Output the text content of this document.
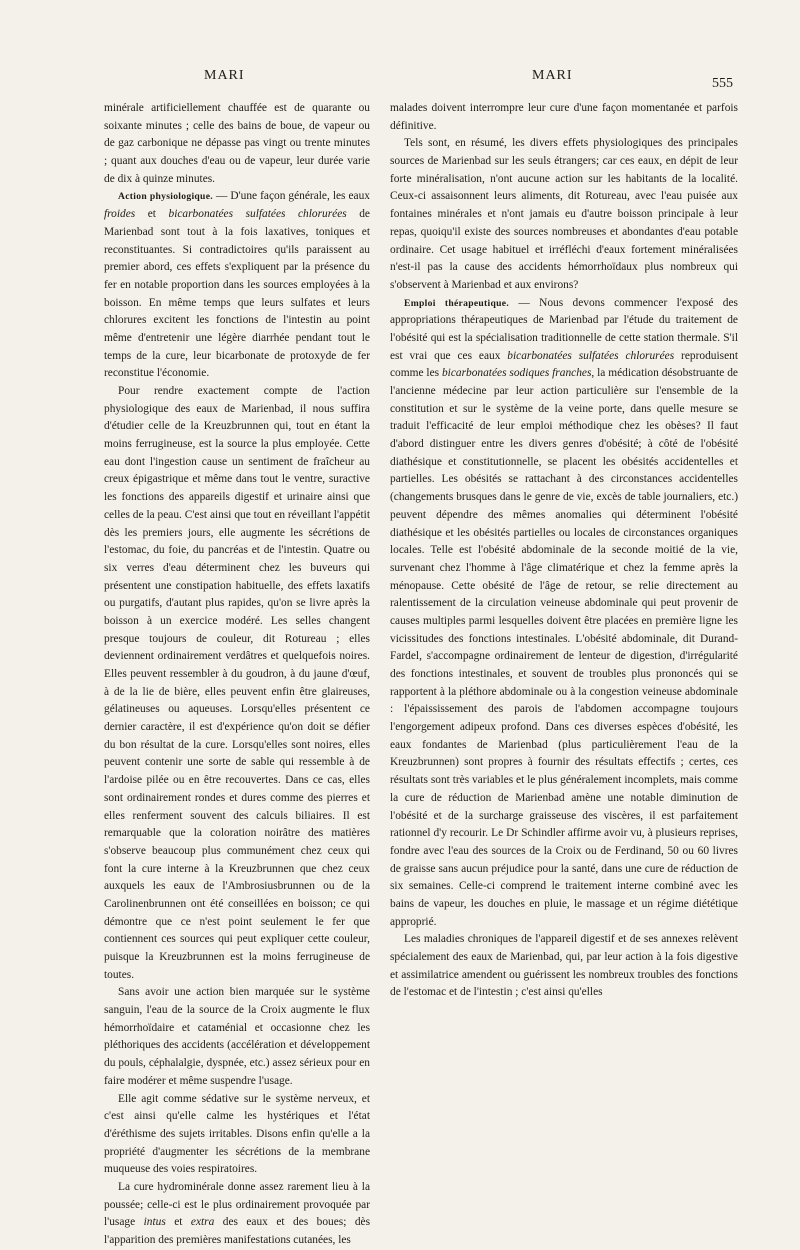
MARI	MARI
555

minérale artificiellement chauffée est de quarante ou soixante minutes ; celle des bains de boue, de vapeur ou de gaz carbonique ne dépasse pas vingt ou trente minutes ; quant aux douches d'eau ou de vapeur, leur durée varie de dix à quinze minutes.

Action physiologique. — D'une façon générale, les eaux froides et bicarbonatées sulfatées chlorurées de Marienbad sont tout à la fois laxatives, toniques et reconstituantes. Si contradictoires qu'ils paraissent au premier abord, ces effets s'expliquent par la présence du fer en notable proportion dans les sources employées à la boisson. En même temps que leurs sulfates et leurs chlorures excitent les fonctions de l'intestin au point même d'entretenir une légère diarrhée pendant tout le temps de la cure, leur bicarbonate de protoxyde de fer reconstitue l'économie.

Pour rendre exactement compte de l'action physiologique des eaux de Marienbad, il nous suffira d'étudier celle de la Kreuzbrunnen qui, tout en étant la moins ferrugineuse, est la source la plus employée. Cette eau dont l'ingestion cause un sentiment de fraîcheur au creux épigastrique et même dans tout le ventre, suractive les fonctions des appareils digestif et urinaire ainsi que celles de la peau. C'est ainsi que tout en réveillant l'appétit dès les premiers jours, elle augmente les sécrétions de l'estomac, du foie, du pancréas et de l'intestin. Quatre ou six verres d'eau déterminent chez les buveurs qui présentent une constipation habituelle, des effets laxatifs ou purgatifs, d'autant plus rapides, qu'on se livre après la boisson à un exercice modéré. Les selles changent presque toujours de couleur, dit Rotureau ; elles deviennent ordinairement verdâtres et quelquefois noires. Elles peuvent ressembler à du goudron, à du jaune d'œuf, à de la lie de bière, elles peuvent enfin être glaireuses, gélatineuses ou aqueuses. Lorsqu'elles présentent ce dernier caractère, il est d'expérience qu'on doit se défier du bon résultat de la cure. Lorsqu'elles sont noires, elles peuvent contenir une sorte de sable qui ressemble à de l'ardoise pilée ou en être recouvertes. Dans ce cas, elles sont ordinairement rondes et dures comme des pierres et elles renferment souvent des calculs biliaires. Il est remarquable que la coloration noirâtre des matières s'observe beaucoup plus communément chez ceux qui font la cure interne à la Kreuzbrunnen que chez ceux auxquels les eaux de l'Ambrosiusbrunnen ou de la Carolinenbrunnen ont été conseillées en boisson; ce qui démontre que ce n'est point seulement le fer que contiennent ces sources qui peut expliquer cette couleur, puisque la Kreuzbrunnen est la moins ferrugineuse de toutes.

Sans avoir une action bien marquée sur le système sanguin, l'eau de la source de la Croix augmente le flux hémorrhoïdaire et cataménial et occasionne chez les pléthoriques des accidents (accélération et développement du pouls, céphalalgie, dyspnée, etc.) assez sérieux pour en faire modérer et même suspendre l'usage.

Elle agit comme sédative sur le système nerveux, et c'est ainsi qu'elle calme les hystériques et l'état d'éréthisme des sujets irritables. Disons enfin qu'elle a la propriété d'augmenter les sécrétions de la membrane muqueuse des voies respiratoires.

La cure hydrominérale donne assez rarement lieu à la poussée; celle-ci est le plus ordinairement provoquée par l'usage intus et extra des eaux et des boues; dès l'apparition des premières manifestations cutanées, les

malades doivent interrompre leur cure d'une façon momentanée et parfois définitive.

Tels sont, en résumé, les divers effets physiologiques des principales sources de Marienbad sur les seuls étrangers; car ces eaux, en dépit de leur forte minéralisation, n'ont aucune action sur les habitants de la localité. Ceux-ci assaisonnent leurs aliments, dit Rotureau, avec l'eau puisée aux fontaines minérales et n'ont jamais eu d'autre boisson principale à leur repas, quoiqu'il existe des sources nombreuses et abondantes d'eau potable ordinaire. Cet usage habituel et irréfléchi d'eaux fortement minéralisées n'est-il pas la cause des accidents hémorrhoïdaux plus nombreux qui s'observent à Marienbad et aux environs?

Emploi thérapeutique. — Nous devons commencer l'exposé des appropriations thérapeutiques de Marienbad par l'étude du traitement de l'obésité qui est la spécialisation traditionnelle de cette station thermale. S'il est vrai que ces eaux bicarbonatées sulfatées chlorurées reproduisent comme les bicarbonatées sodiques franches, la médication désobstruante de l'ancienne médecine par leur action particulière sur l'ensemble de la constitution et sur le système de la veine porte, dans quelle mesure se traduit l'efficacité de leur emploi méthodique chez les obèses? Il faut d'abord distinguer entre les divers genres d'obésité; à côté de l'obésité diathésique et constitutionnelle, se placent les obésités accidentelles et partielles. Les obésités se rattachant à des circonstances accidentelles (changements brusques dans le genre de vie, excès de table journaliers, etc.) peuvent dépendre des mêmes anomalies qui déterminent l'obésité diathésique et les obésités partielles ou locales de circonstances organiques locales. Telle est l'obésité abdominale de la seconde moitié de la vie, survenant chez l'homme à l'âge climatérique et chez la femme après la ménopause. Cette obésité de l'âge de retour, se relie directement au ralentissement de la circulation veineuse abdominale qui peut provenir de causes multiples parmi lesquelles doivent être placées en première ligne les vicissitudes des fonctions intestinales. L'obésité abdominale, dit Durand-Fardel, s'accompagne ordinairement de lenteur de digestion, d'irrégularité des fonctions intestinales, et souvent de troubles plus prononcés qui se rapportent à la pléthore abdominale ou à la congestion veineuse abdominale : l'épaississement des parois de l'abdomen accompagne toujours l'engorgement adipeux profond. Dans ces diverses espèces d'obésité, les eaux fondantes de Marienbad (plus particulièrement l'eau de la Kreuzbrunnen) sont propres à fournir des résultats effectifs ; certes, ces résultats sont très variables et le plus généralement incomplets, mais comme la cure de réduction de Marienbad amène une notable diminution de l'obésité et de la surcharge graisseuse des viscères, il est parfaitement rationnel d'y recourir. Le Dr Schindler affirme avoir vu, à plusieurs reprises, fondre avec l'eau des sources de la Croix ou de Ferdinand, 50 ou 60 livres de graisse sans aucun préjudice pour la santé, dans une cure de réduction de six semaines. Celle-ci comprend le traitement interne combiné avec les bains de vapeur, les douches en pluie, le massage et un régime diététique approprié.

Les maladies chroniques de l'appareil digestif et de ses annexes relèvent spécialement des eaux de Marienbad, qui, par leur action à la fois digestive et assimilatrice amendent ou guérissent les nombreux troubles des fonctions de l'estomac et de l'intestin ; c'est ainsi qu'elles
